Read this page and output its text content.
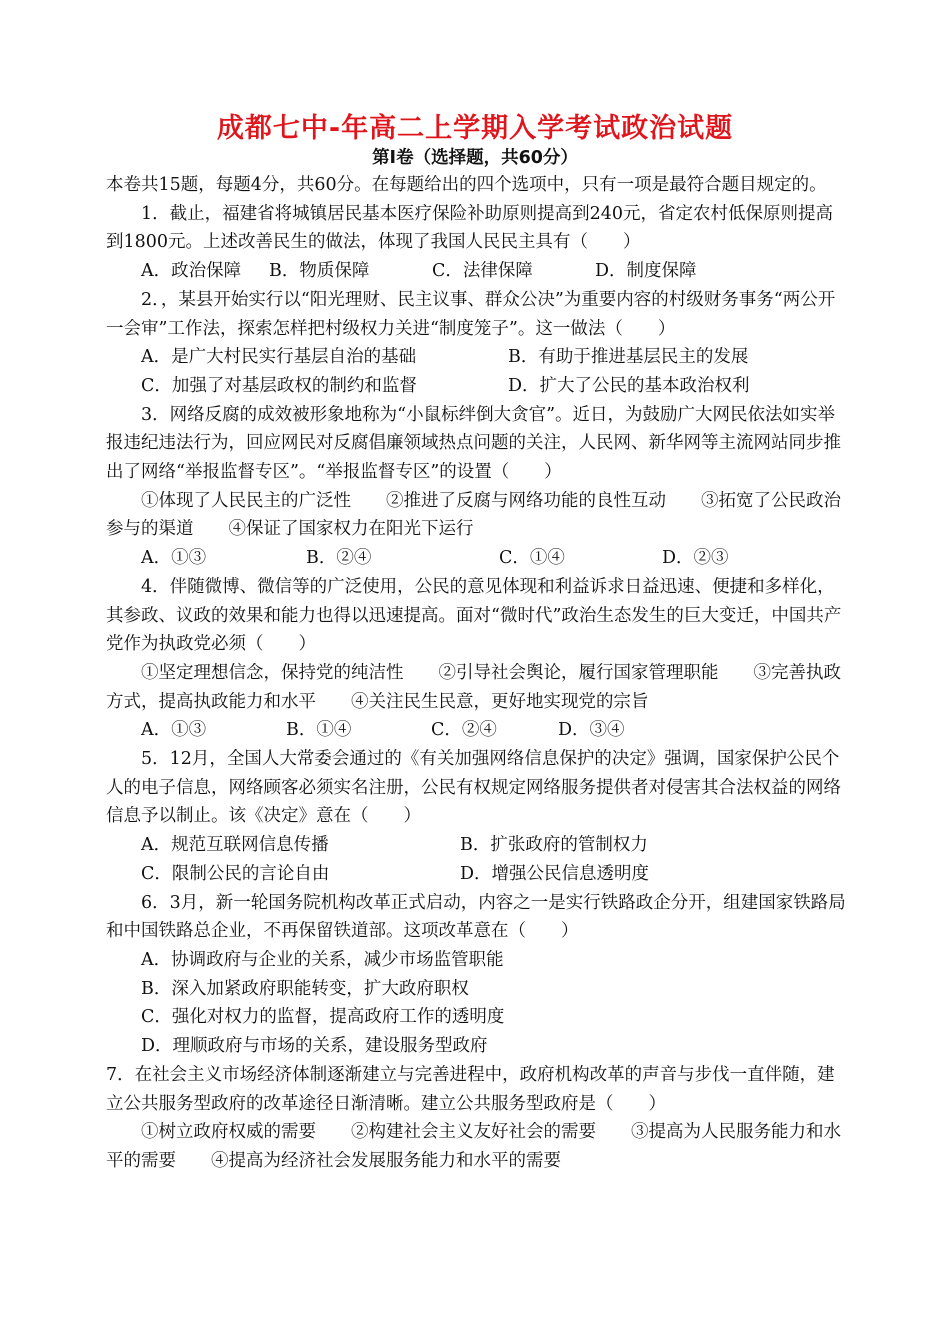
成都七中-年高二上学期入学考试政治试题
第Ⅰ卷（选择题，共60分）

本卷共15题，每题4分，共60分。在每题给出的四个选项中，只有一项是最符合题目规定的。

1．截止，福建省将城镇居民基本医疗保险补助原则提高到240元，省定农村低保原则提高到1800元。上述改善民生的做法，体现了我国人民民主具有（　　）

A．政治保障	B．物质保障	C．法律保障	D．制度保障

2．，某县开始实行以“阳光理财、民主议事、群众公决”为重要内容的村级财务事务“两公开一会审”工作法，探索怎样把村级权力关进“制度笼子”。这一做法（　　）

A．是广大村民实行基层自治的基础	B．有助于推进基层民主的发展
C．加强了对基层政权的制约和监督	D．扩大了公民的基本政治权利

3．网络反腐的成效被形象地称为“小鼠标绊倒大贪官”。近日，为鼓励广大网民依法如实举报违纪违法行为，回应网民对反腐倡廉领域热点问题的关注，人民网、新华网等主流网站同步推出了网络“举报监督专区”。“举报监督专区”的设置（　　）

①体现了人民民主的广泛性　　②推进了反腐与网络功能的良性互动　　③拓宽了公民政治参与的渠道　　④保证了国家权力在阳光下运行

A．①③	B．②④	C．①④	D．②③

4．伴随微博、微信等的广泛使用，公民的意见体现和利益诉求日益迅速、便捷和多样化，其参政、议政的效果和能力也得以迅速提高。面对“微时代”政治生态发生的巨大变迁，中国共产党作为执政党必须（　　）

①坚定理想信念，保持党的纯洁性　　②引导社会舆论，履行国家管理职能　　③完善执政方式，提高执政能力和水平　　④关注民生民意，更好地实现党的宗旨

A．①③	B．①④	C．②④	D．③④

5．12月，全国人大常委会通过的《有关加强网络信息保护的决定》强调，国家保护公民个人的电子信息，网络顾客必须实名注册，公民有权规定网络服务提供者对侵害其合法权益的网络信息予以制止。该《决定》意在（　　）

A．规范互联网信息传播	B．扩张政府的管制权力
C．限制公民的言论自由	D．增强公民信息透明度

6．3月，新一轮国务院机构改革正式启动，内容之一是实行铁路政企分开，组建国家铁路局和中国铁路总企业，不再保留铁道部。这项改革意在（　　）

A．协调政府与企业的关系，减少市场监管职能

B．深入加紧政府职能转变，扩大政府职权

C．强化对权力的监督，提高政府工作的透明度

D．理顺政府与市场的关系，建设服务型政府

7．在社会主义市场经济体制逐渐建立与完善进程中，政府机构改革的声音与步伐一直伴随，建立公共服务型政府的改革途径日渐清晰。建立公共服务型政府是（　　）

①树立政府权威的需要　　②构建社会主义友好社会的需要　　③提高为人民服务能力和水平的需要　　④提高为经济社会发展服务能力和水平的需要
